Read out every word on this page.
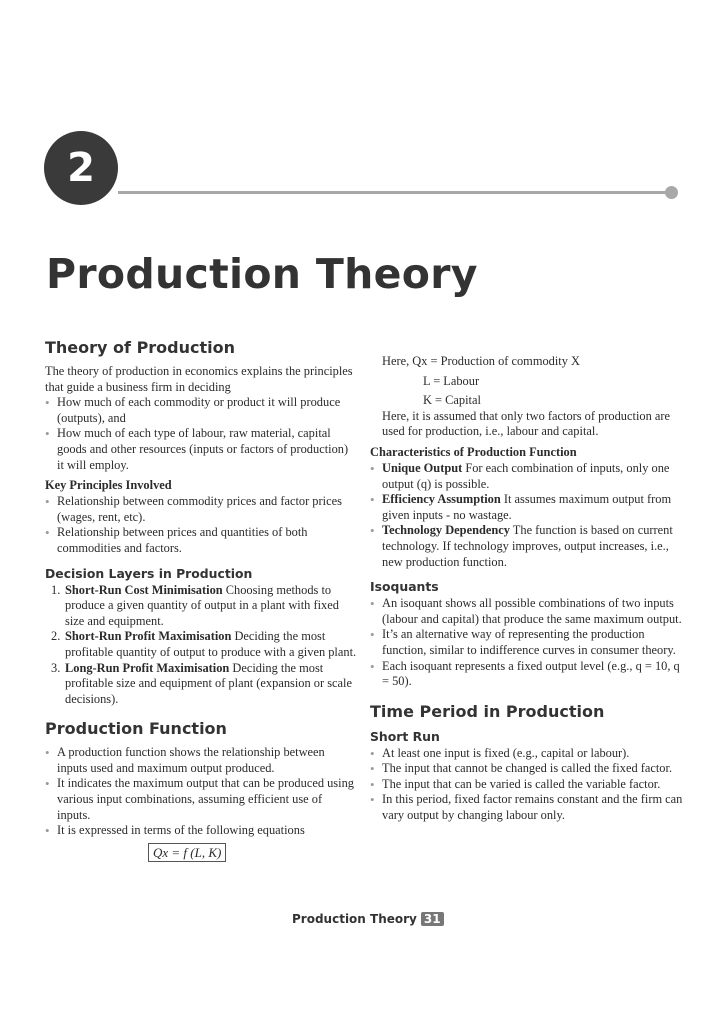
2
Production Theory
Theory of Production

The theory of production in economics explains the principles that guide a business firm in deciding

• How much of each commodity or product it will produce (outputs), and
• How much of each type of labour, raw material, capital goods and other resources (inputs or factors of production) it will employ.
Key Principles Involved
• Relationship between commodity prices and factor prices (wages, rent, etc).
• Relationship between prices and quantities of both commodities and factors.
Decision Layers in Production
1. Short-Run Cost Minimisation Choosing methods to produce a given quantity of output in a plant with fixed size and equipment.
2. Short-Run Profit Maximisation Deciding the most profitable quantity of output to produce with a given plant.
3. Long-Run Profit Maximisation Deciding the most profitable size and equipment of plant (expansion or scale decisions).
Production Function
• A production function shows the relationship between inputs used and maximum output produced.
• It indicates the maximum output that can be produced using various input combinations, assuming efficient use of inputs.
• It is expressed in terms of the following equations
Qx = f (L, K)

Here, Qx = Production of commodity X

L = Labour

K = Capital

Here, it is assumed that only two factors of production are used for production, i.e., labour and capital.

Characteristics of Production Function
• Unique Output For each combination of inputs, only one output (q) is possible.
• Efficiency Assumption It assumes maximum output from given inputs - no wastage.
• Technology Dependency The function is based on current technology. If technology improves, output increases, i.e., new production function.
Isoquants
• An isoquant shows all possible combinations of two inputs (labour and capital) that produce the same maximum output.
• It’s an alternative way of representing the production function, similar to indifference curves in consumer theory.
• Each isoquant represents a fixed output level (e.g., q = 10, q = 50).
Time Period in Production
Short Run
• At least one input is fixed (e.g., capital or labour).
• The input that cannot be changed is called the fixed factor.
• The input that can be varied is called the variable factor.
• In this period, fixed factor remains constant and the firm can vary output by changing labour only.
Production Theory 31
